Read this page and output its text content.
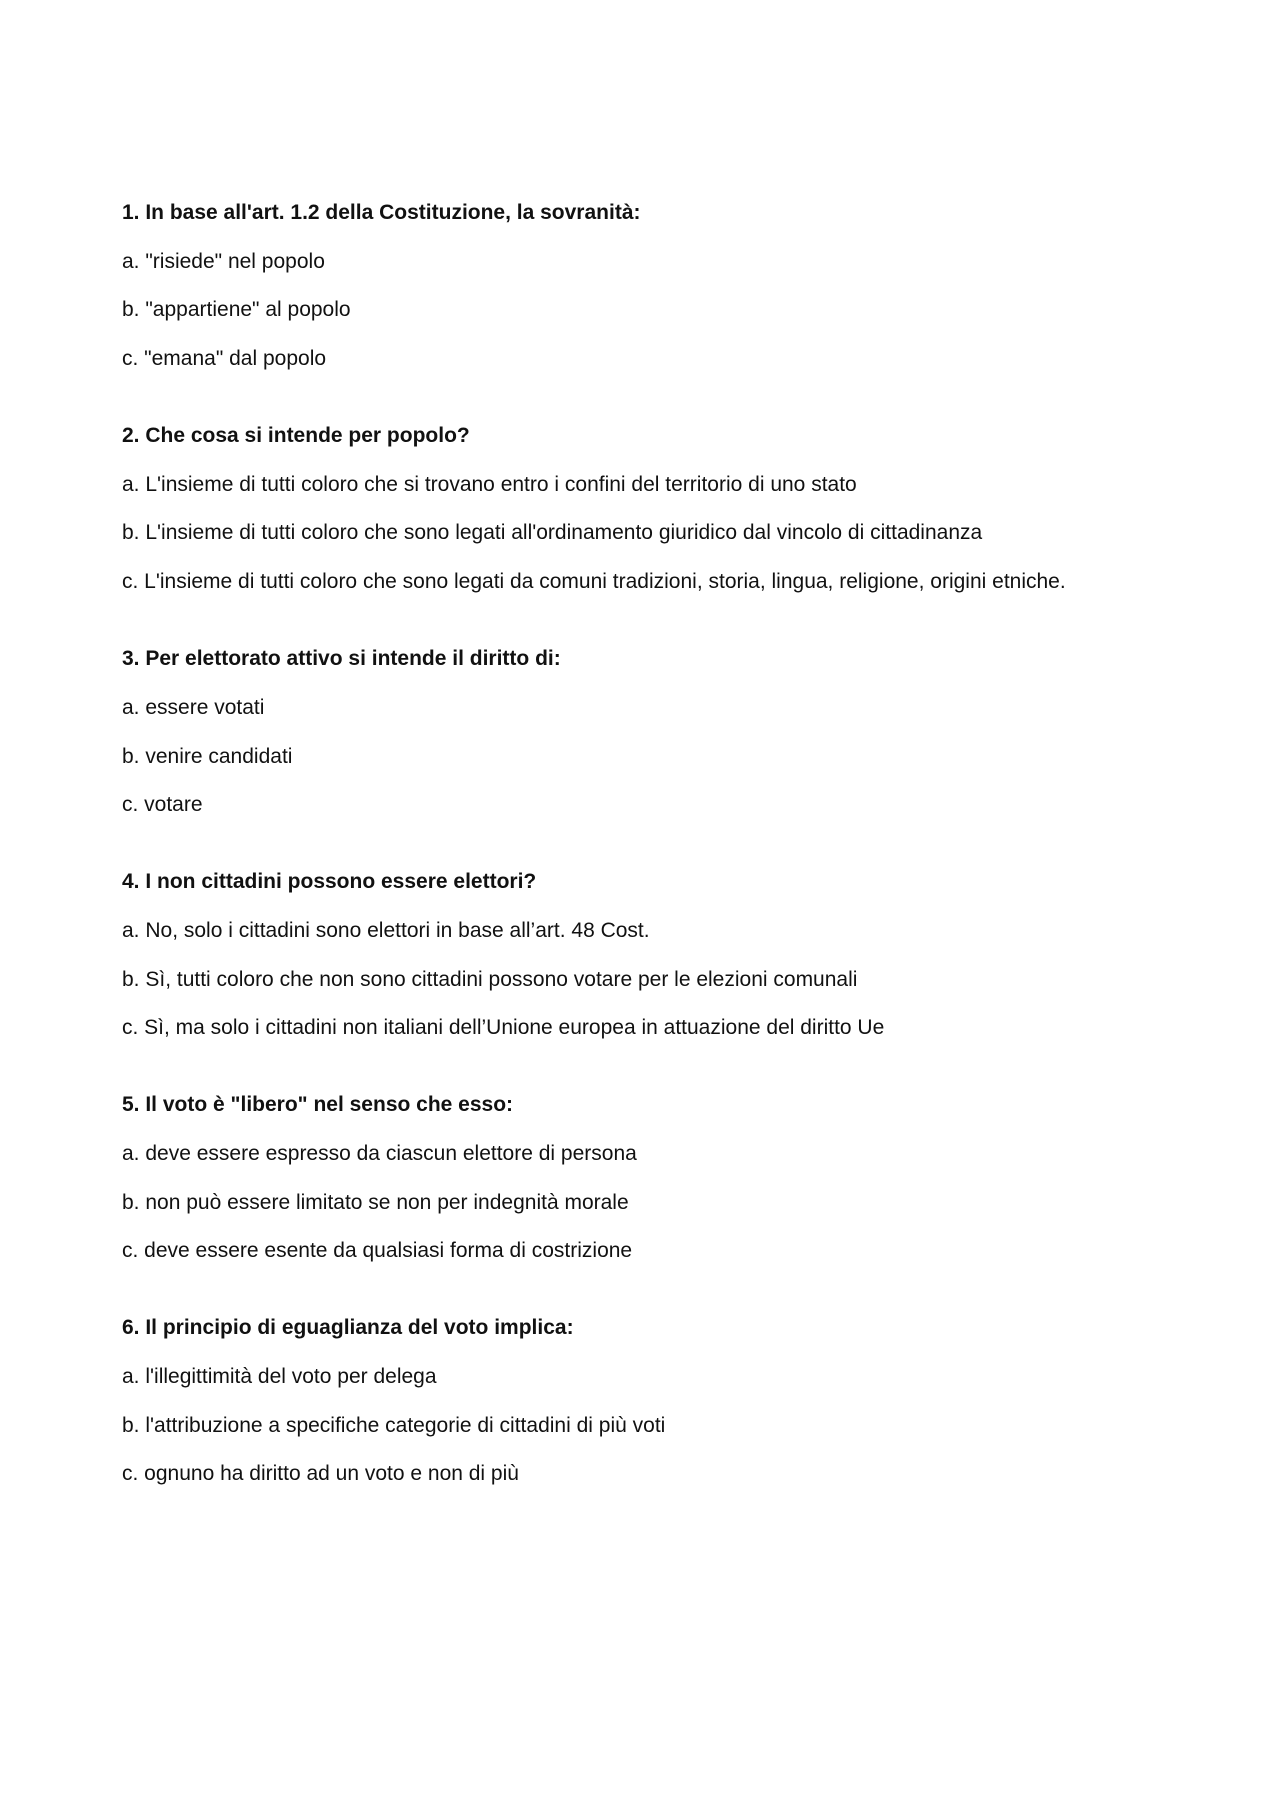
1. In base all'art. 1.2 della Costituzione, la sovranità:
a. "risiede" nel popolo
b. "appartiene" al popolo
c. "emana" dal popolo
2. Che cosa si intende per popolo?
a. L'insieme di tutti coloro che si trovano entro i confini del territorio di uno stato
b. L'insieme di tutti coloro che sono legati all'ordinamento giuridico dal vincolo di cittadinanza
c. L'insieme di tutti coloro che sono legati da comuni tradizioni, storia, lingua, religione, origini etniche.
3. Per elettorato attivo si intende il diritto di:
a. essere votati
b. venire candidati
c. votare
4. I non cittadini possono essere elettori?
a. No, solo i cittadini sono elettori in base all’art. 48 Cost.
b. Sì, tutti coloro che non sono cittadini possono votare per le elezioni comunali
c. Sì, ma solo i cittadini non italiani dell’Unione europea in attuazione del diritto Ue
5. Il voto è "libero" nel senso che esso:
a. deve essere espresso da ciascun elettore di persona
b. non può essere limitato se non per indegnità morale
c. deve essere esente da qualsiasi forma di costrizione
6. Il principio di eguaglianza del voto implica:
a. l'illegittimità del voto per delega
b. l'attribuzione a specifiche categorie di cittadini di più voti
c. ognuno ha diritto ad un voto e non di più
